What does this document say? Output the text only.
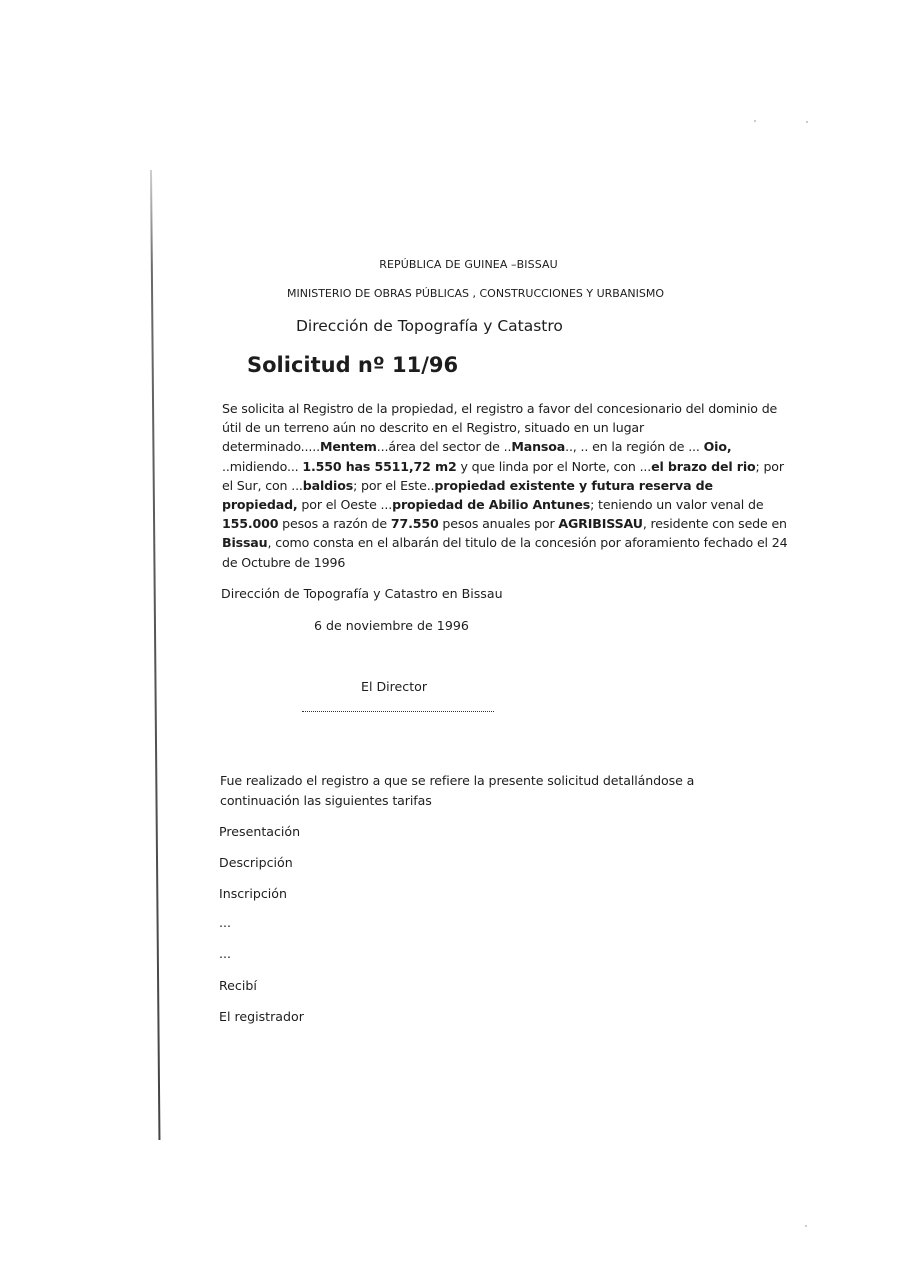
REPÚBLICA DE GUINEA –BISSAU
MINISTERIO DE OBRAS PÚBLICAS , CONSTRUCCIONES Y URBANISMO
Dirección de Topografía y Catastro
Solicitud nº 11/96
Se solicita al Registro de la propiedad, el registro a favor del concesionario del dominio de útil de un terreno aún no descrito en el Registro, situado en un lugar determinado.....Mentem...área del sector de ..Mansoa.., .. en la región de ... Oio, ..midiendo... 1.550 has 5511,72 m2 y que linda por el Norte, con ...el brazo del rio; por el Sur, con ...baldios; por el Este..propiedad existente y futura reserva de propiedad, por el Oeste ...propiedad de Abilio Antunes; teniendo un valor venal de 155.000 pesos a razón de 77.550 pesos anuales por AGRIBISSAU, residente con sede en Bissau, como consta en el albarán del titulo de la concesión por aforamiento fechado el 24 de Octubre de 1996
Dirección de Topografía y Catastro en Bissau
6 de noviembre de 1996
El Director
Fue realizado el registro a que se refiere la presente solicitud detallándose a continuación las siguientes tarifas
Presentación
Descripción
Inscripción
...
...
Recibí
El registrador
